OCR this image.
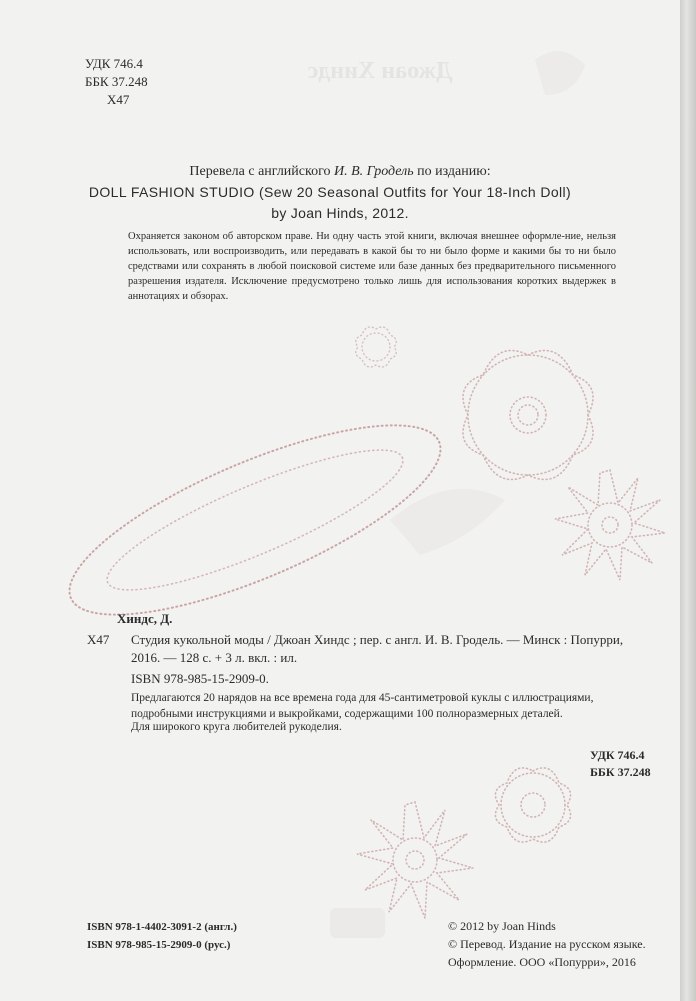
Джоан Хиндс
УДК 746.4
ББК 37.248
Х47
Перевела с английского И. В. Гродель по изданию:
DOLL FASHION STUDIO (Sew 20 Seasonal Outfits for Your 18-Inch Doll)
by Joan Hinds, 2012.
Охраняется законом об авторском праве. Ни одну часть этой книги, включая внешнее оформле-ние, нельзя использовать, или воспроизводить, или передавать в какой бы то ни было форме и какими бы то ни было средствами или сохранять в любой поисковой системе или базе данных без предварительного письменного разрешения издателя. Исключение предусмотрено только лишь для использования коротких выдержек в аннотациях и обзорах.
Хиндс, Д.
Х47	Студия кукольной моды / Джоан Хиндс ; пер. с англ. И. В. Гродель. — Минск : Попурри, 2016. — 128 с. + 3 л. вкл. : ил.
ISBN 978-985-15-2909-0.
Предлагаются 20 нарядов на все времена года для 45-сантиметровой куклы с иллюстрациями, подробными инструкциями и выкройками, содержащими 100 полноразмерных деталей.
Для широкого круга любителей рукоделия.
УДК 746.4
ББК 37.248
ISBN 978-1-4402-3091-2 (англ.)
ISBN 978-985-15-2909-0 (рус.)
© 2012 by Joan Hinds
© Перевод. Издание на русском языке.
Оформление. ООО «Попурри», 2016
